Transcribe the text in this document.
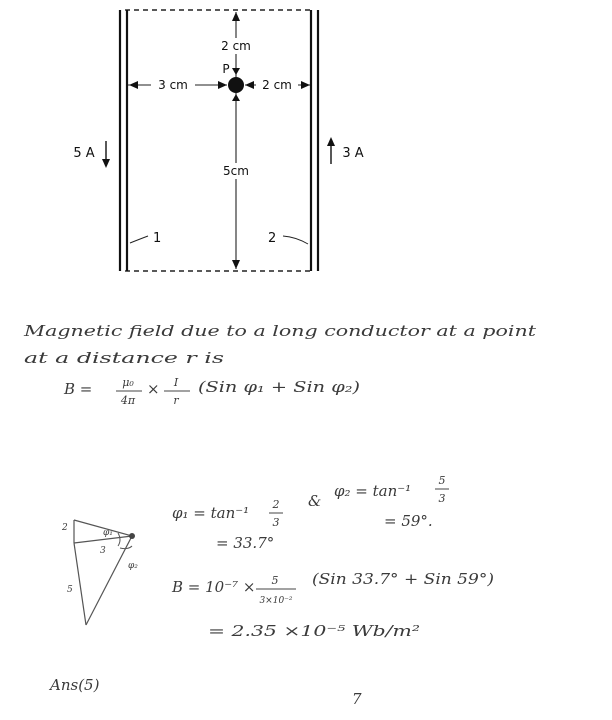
2 cm
P
3 cm	2 cm
5cm
5 A	3 A
1	2
Magnetic field due to a long conductor at a point
at a distance r is
B =	μ₀
4π
× I
r
(Sin φ₁ + Sin φ₂)
2	φ₁
3
φ₂
5
φ₁ = tan⁻¹ 2
3
&
φ₂ = tan⁻¹
5
3
= 59°.
= 33.7°
B = 10⁻⁷ × 5
3×10⁻²
(Sin 33.7° + Sin 59°)
= 2.35 ×10⁻⁵ Wb/m²
Ans(5)
7
